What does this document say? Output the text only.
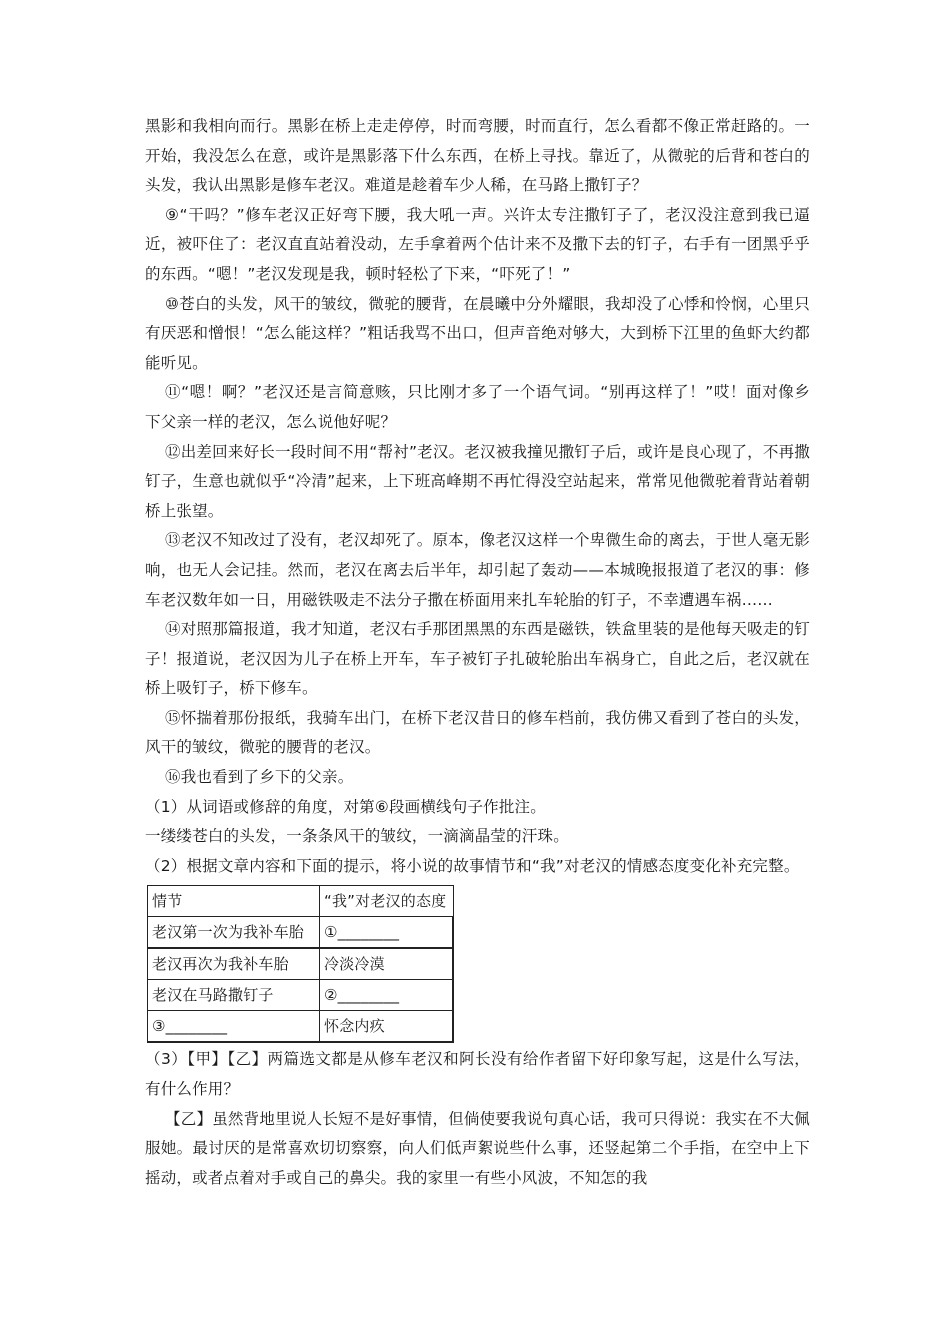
黑影和我相向而行。黑影在桥上走走停停，时而弯腰，时而直行，怎么看都不像正常赶路的。一开始，我没怎么在意，或许是黑影落下什么东西，在桥上寻找。靠近了，从微驼的后背和苍白的头发，我认出黑影是修车老汉。难道是趁着车少人稀，在马路上撒钉子？

⑨“干吗？”修车老汉正好弯下腰，我大吼一声。兴许太专注撒钉子了，老汉没注意到我已逼近，被吓住了：老汉直直站着没动，左手拿着两个估计来不及撒下去的钉子，右手有一团黑乎乎的东西。“嗯！”老汉发现是我，顿时轻松了下来，“吓死了！”

⑩苍白的头发，风干的皱纹，微驼的腰背，在晨曦中分外耀眼，我却没了心悸和怜悯，心里只有厌恶和憎恨！“怎么能这样？”粗话我骂不出口，但声音绝对够大，大到桥下江里的鱼虾大约都能听见。

⑪“嗯！啊？”老汉还是言简意赅，只比刚才多了一个语气词。“别再这样了！”哎！面对像乡下父亲一样的老汉，怎么说他好呢？

⑫出差回来好长一段时间不用“帮衬”老汉。老汉被我撞见撒钉子后，或许是良心现了，不再撒钉子，生意也就似乎“冷清”起来，上下班高峰期不再忙得没空站起来，常常见他微驼着背站着朝桥上张望。

⑬老汉不知改过了没有，老汉却死了。原本，像老汉这样一个卑微生命的离去，于世人毫无影响，也无人会记挂。然而，老汉在离去后半年，却引起了轰动——本城晚报报道了老汉的事：修车老汉数年如一日，用磁铁吸走不法分子撒在桥面用来扎车轮胎的钉子，不幸遭遇车祸……

⑭对照那篇报道，我才知道，老汉右手那团黑黑的东西是磁铁，铁盒里装的是他每天吸走的钉子！报道说，老汉因为儿子在桥上开车，车子被钉子扎破轮胎出车祸身亡，自此之后，老汉就在桥上吸钉子，桥下修车。

⑮怀揣着那份报纸，我骑车出门，在桥下老汉昔日的修车档前，我仿佛又看到了苍白的头发，风干的皱纹，微驼的腰背的老汉。

⑯我也看到了乡下的父亲。

（1）从词语或修辞的角度，对第⑥段画横线句子作批注。

一缕缕苍白的头发，一条条风干的皱纹，一滴滴晶莹的汗珠。

（2）根据文章内容和下面的提示，将小说的故事情节和“我”对老汉的情感态度变化补充完整。

情节	“我”对老汉的态度
老汉第一次为我补车胎	①________
老汉再次为我补车胎	冷淡冷漠
老汉在马路撒钉子	②________
③________	怀念内疚

（3）【甲】【乙】两篇选文都是从修车老汉和阿长没有给作者留下好印象写起，这是什么写法，有什么作用？

【乙】虽然背地里说人长短不是好事情，但倘使要我说句真心话，我可只得说：我实在不大佩服她。最讨厌的是常喜欢切切察察，向人们低声絮说些什么事，还竖起第二个手指，在空中上下摇动，或者点着对手或自己的鼻尖。我的家里一有些小风波，不知怎的我
